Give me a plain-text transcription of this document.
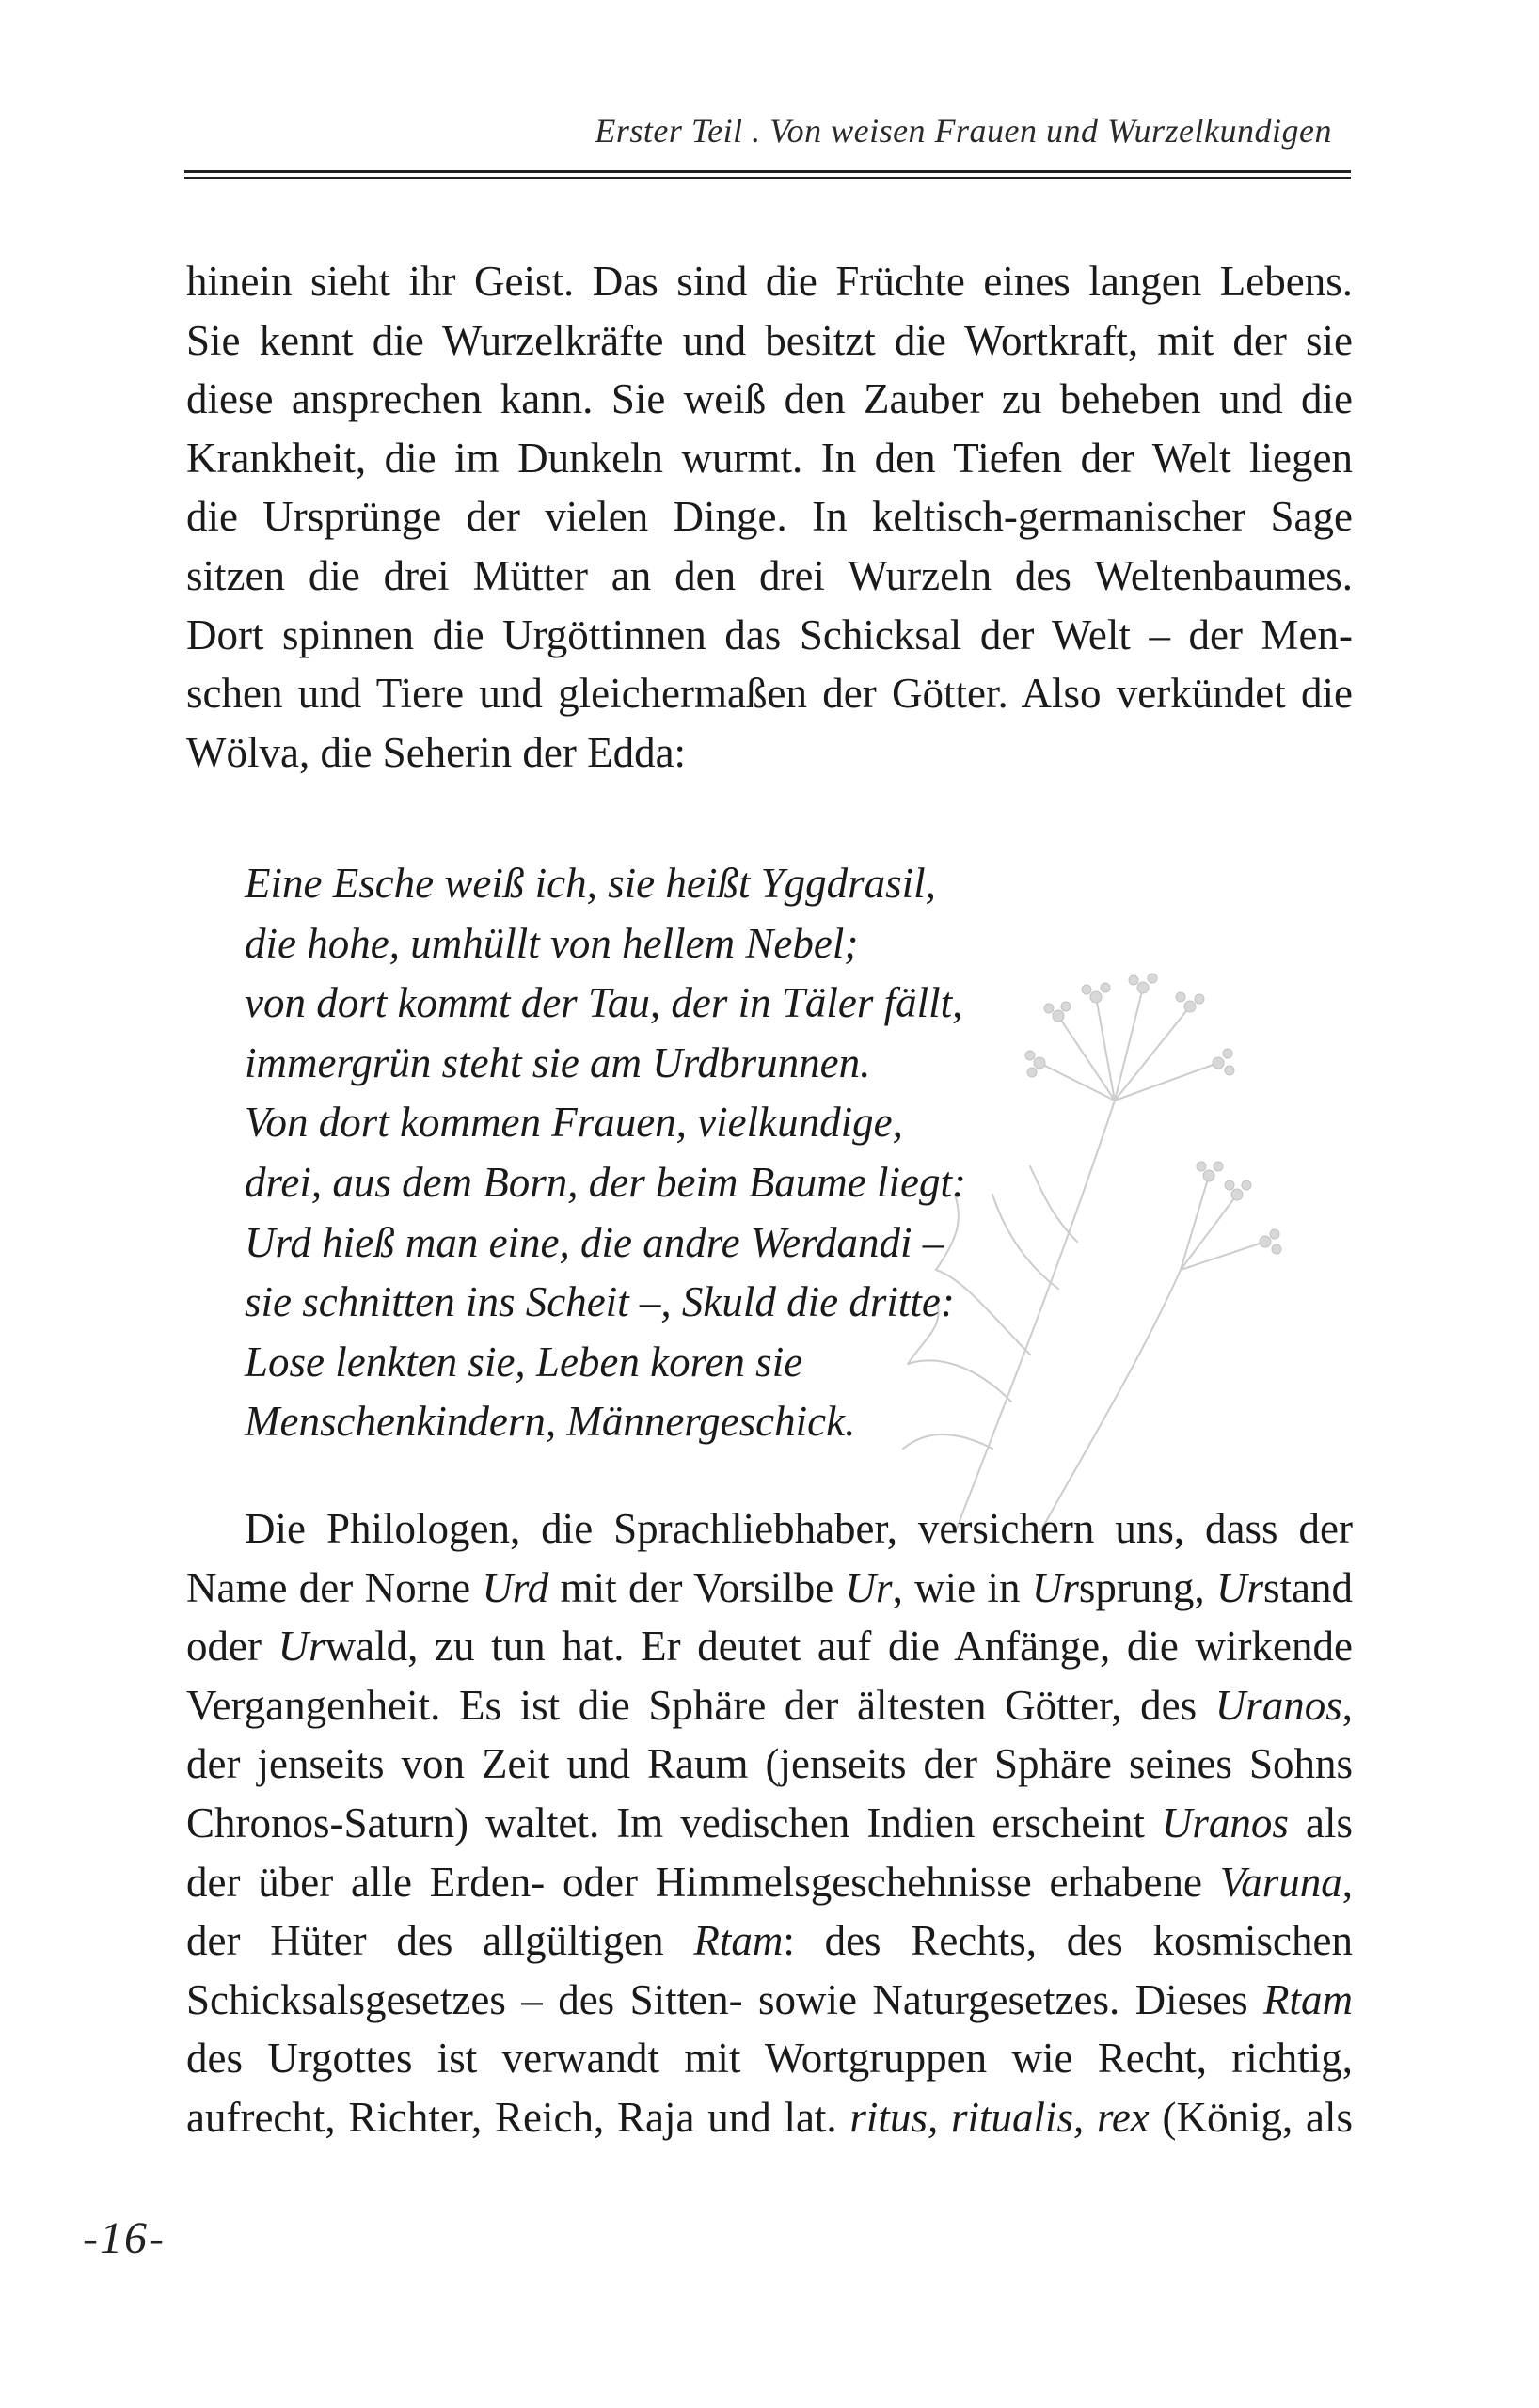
Erster Teil . Von weisen Frauen und Wurzelkundigen
hinein sieht ihr Geist. Das sind die Früchte eines langen Lebens.
Sie kennt die Wurzelkräfte und besitzt die Wortkraft, mit der sie
diese ansprechen kann. Sie weiß den Zauber zu beheben und die
Krankheit, die im Dunkeln wurmt. In den Tiefen der Welt liegen
die Ursprünge der vielen Dinge. In keltisch-germanischer Sage
sitzen die drei Mütter an den drei Wurzeln des Weltenbaumes.
Dort spinnen die Urgöttinnen das Schicksal der Welt – der Men-
schen und Tiere und gleichermaßen der Götter. Also verkündet die
Wölva, die Seherin der Edda:
Eine Esche weiß ich, sie heißt Yggdrasil,
die hohe, umhüllt von hellem Nebel;
von dort kommt der Tau, der in Täler fällt,
immergrün steht sie am Urdbrunnen.
Von dort kommen Frauen, vielkundige,
drei, aus dem Born, der beim Baume liegt:
Urd hieß man eine, die andre Werdandi –
sie schnitten ins Scheit –, Skuld die dritte:
Lose lenkten sie, Leben koren sie
Menschenkindern, Männergeschick.
Die Philologen, die Sprachliebhaber, versichern uns, dass der
Name der Norne Urd mit der Vorsilbe Ur, wie in Ursprung, Urstand
oder Urwald, zu tun hat. Er deutet auf die Anfänge, die wirkende
Vergangenheit. Es ist die Sphäre der ältesten Götter, des Uranos,
der jenseits von Zeit und Raum (jenseits der Sphäre seines Sohns
Chronos-Saturn) waltet. Im vedischen Indien erscheint Uranos als
der über alle Erden- oder Himmelsgeschehnisse erhabene Varuna,
der Hüter des allgültigen Rtam: des Rechts, des kosmischen
Schicksalsgesetzes – des Sitten- sowie Naturgesetzes. Dieses Rtam
des Urgottes ist verwandt mit Wortgruppen wie Recht, richtig,
aufrecht, Richter, Reich, Raja und lat. ritus, ritualis, rex (König, als
-16-
